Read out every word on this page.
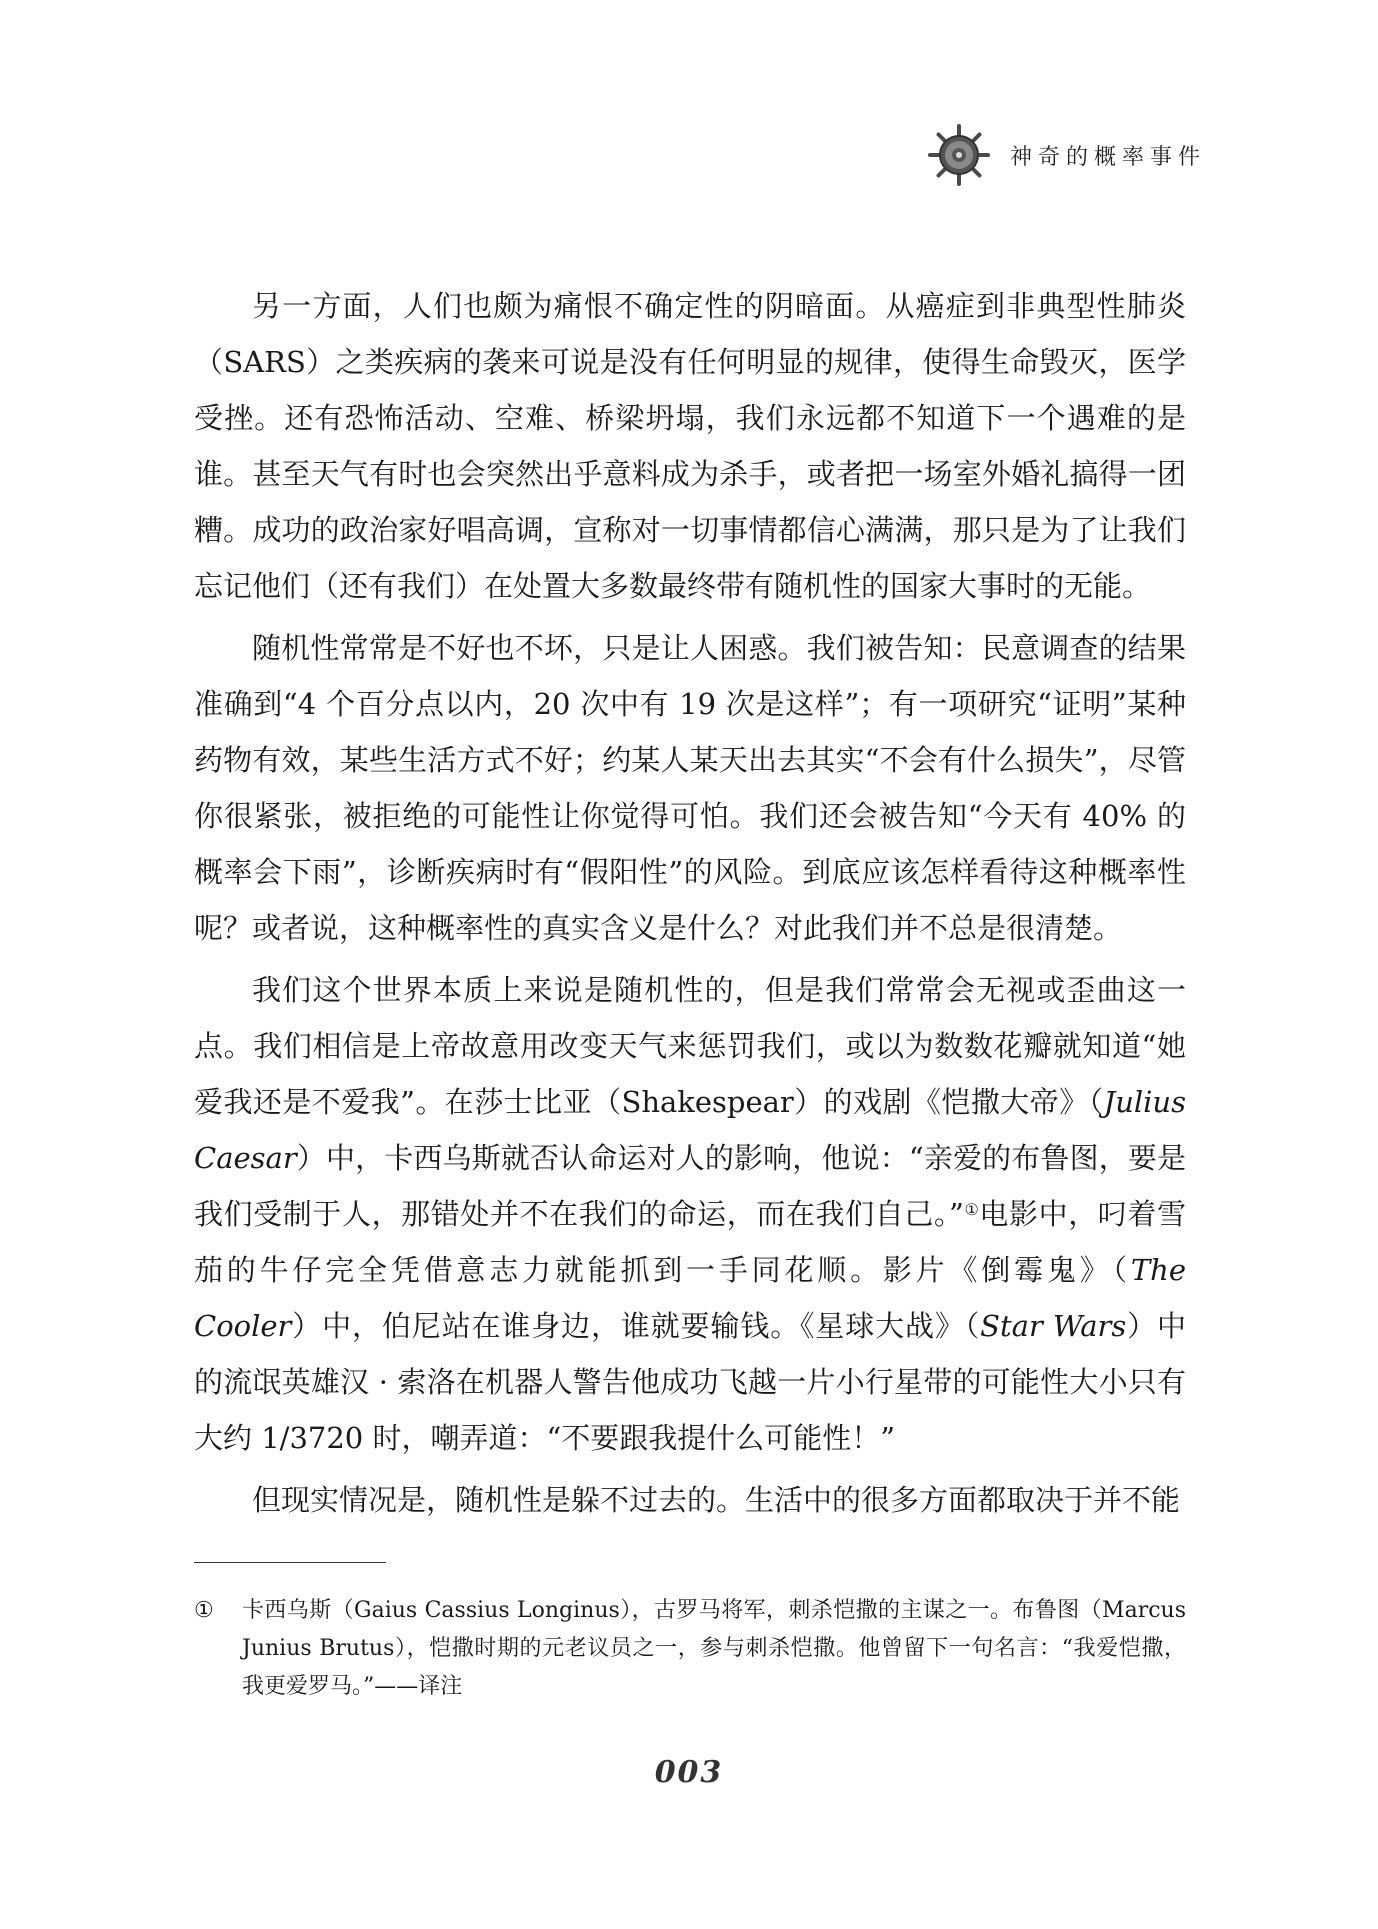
神奇的概率事件

另一方面，人们也颇为痛恨不确定性的阴暗面。从癌症到非典型性肺炎（SARS）之类疾病的袭来可说是没有任何明显的规律，使得生命毁灭，医学受挫。还有恐怖活动、空难、桥梁坍塌，我们永远都不知道下一个遇难的是谁。甚至天气有时也会突然出乎意料成为杀手，或者把一场室外婚礼搞得一团糟。成功的政治家好唱高调，宣称对一切事情都信心满满，那只是为了让我们忘记他们（还有我们）在处置大多数最终带有随机性的国家大事时的无能。

随机性常常是不好也不坏，只是让人困惑。我们被告知：民意调查的结果准确到“4 个百分点以内，20 次中有 19 次是这样”；有一项研究“证明”某种药物有效，某些生活方式不好；约某人某天出去其实“不会有什么损失”，尽管你很紧张，被拒绝的可能性让你觉得可怕。我们还会被告知“今天有 40% 的概率会下雨”，诊断疾病时有“假阳性”的风险。到底应该怎样看待这种概率性呢？或者说，这种概率性的真实含义是什么？对此我们并不总是很清楚。

我们这个世界本质上来说是随机性的，但是我们常常会无视或歪曲这一点。我们相信是上帝故意用改变天气来惩罚我们，或以为数数花瓣就知道“她爱我还是不爱我”。在莎士比亚（Shakespear）的戏剧《恺撒大帝》（Julius Caesar）中，卡西乌斯就否认命运对人的影响，他说：“亲爱的布鲁图，要是我们受制于人，那错处并不在我们的命运，而在我们自己。”①电影中，叼着雪茄的牛仔完全凭借意志力就能抓到一手同花顺。影片《倒霉鬼》（The Cooler）中，伯尼站在谁身边，谁就要输钱。《星球大战》（Star Wars）中的流氓英雄汉 · 索洛在机器人警告他成功飞越一片小行星带的可能性大小只有大约 1/3720 时，嘲弄道：“不要跟我提什么可能性！”

但现实情况是，随机性是躲不过去的。生活中的很多方面都取决于并不能

①	卡西乌斯（Gaius Cassius Longinus），古罗马将军，刺杀恺撒的主谋之一。布鲁图（Marcus Junius Brutus），恺撒时期的元老议员之一，参与刺杀恺撒。他曾留下一句名言：“我爱恺撒，我更爱罗马。”——译注
003
